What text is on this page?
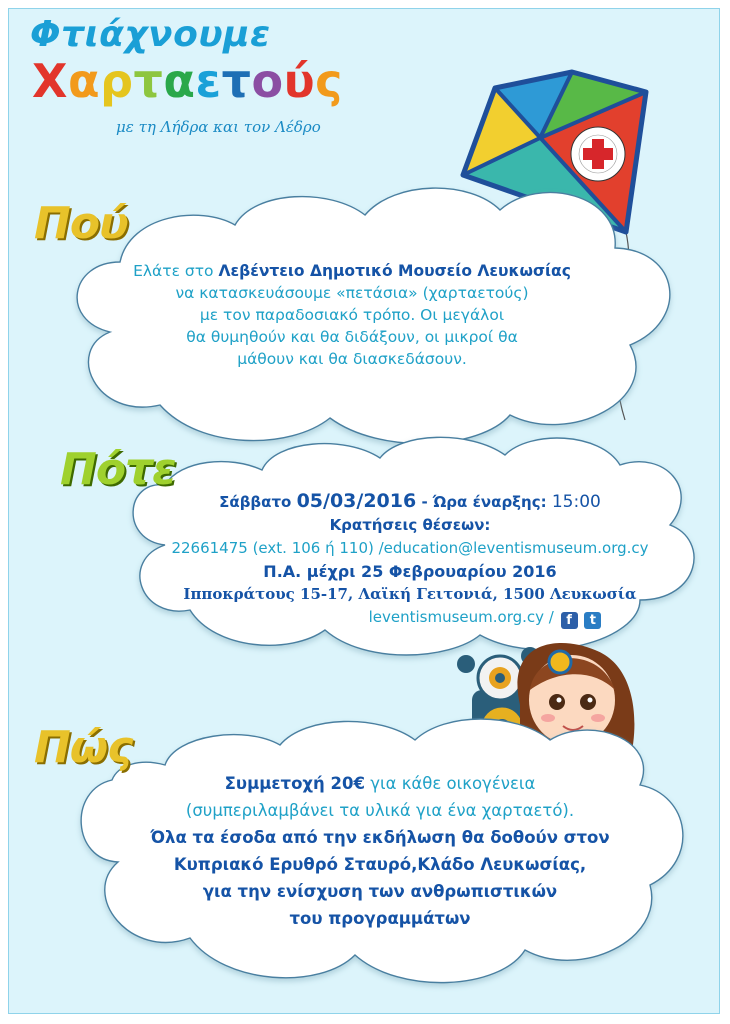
Φτιάχνουμε
Χαρταετούς
με τη Λήδρα και τον Λέδρο
Πού
Πότε
Πώς
Ελάτε στο Λεβέντειο Δημοτικό Μουσείο Λευκωσίας
να κατασκευάσουμε «πετάσια» (χαρταετούς)
με τον παραδοσιακό τρόπο. Οι μεγάλοι
θα θυμηθούν και θα διδάξουν, οι μικροί θα
μάθουν και θα διασκεδάσουν.
Σάββατο 05/03/2016 - Ώρα έναρξης: 15:00
Κρατήσεις θέσεων:
22661475 (ext. 106 ή 110) /education@leventismuseum.org.cy
Π.Α. μέχρι 25 Φεβρουαρίου 2016
Ιπποκράτους 15-17, Λαϊκή Γειτονιά, 1500 Λευκωσία
leventismuseum.org.cy / f t
Συμμετοχή 20€ για κάθε οικογένεια
(συμπεριλαμβάνει τα υλικά για ένα χαρταετό).
Όλα τα έσοδα από την εκδήλωση θα δοθούν στον
Κυπριακό Ερυθρό Σταυρό,Κλάδο Λευκωσίας,
για την ενίσχυση των ανθρωπιστικών
του προγραμμάτων
